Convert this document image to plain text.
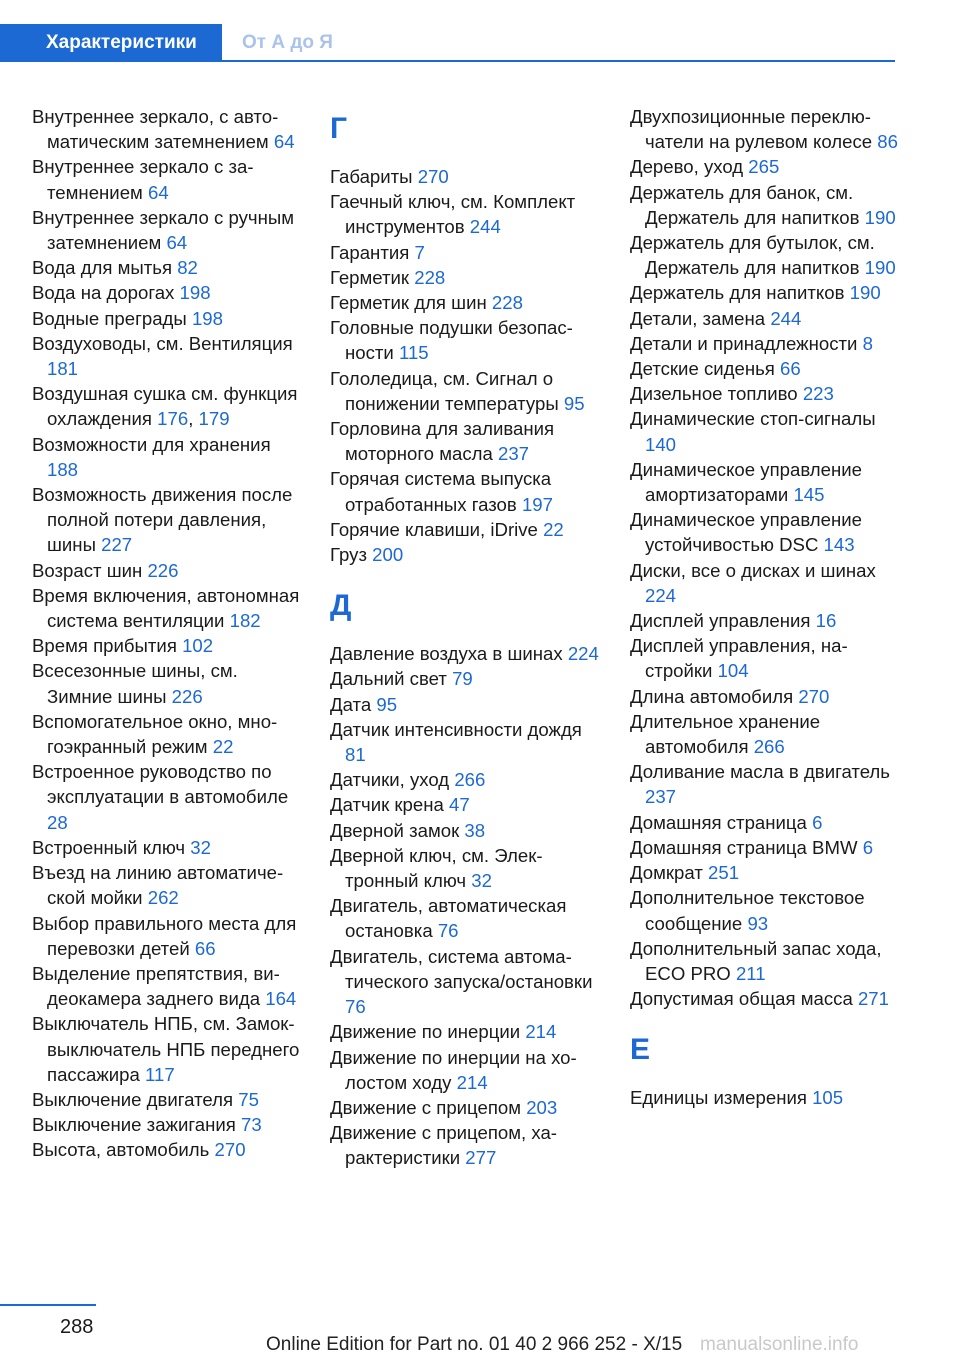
Характеристики	От А до Я
Внутреннее зеркало, с автоматическим затемнением 64
Внутреннее зеркало с затемнением 64
Внутреннее зеркало с ручным затемнением 64
Вода для мытья 82
Вода на дорогах 198
Водные преграды 198
Воздуховоды, см. Вентиляция 181
Воздушная сушка см. функция охлаждения 176, 179
Возможности для хранения 188
Возможность движения после полной потери давления, шины 227
Возраст шин 226
Время включения, автономная система вентиляции 182
Время прибытия 102
Всесезонные шины, см. Зимние шины 226
Вспомогательное окно, многоэкранный режим 22
Встроенное руководство по эксплуатации в автомобиле 28
Встроенный ключ 32
Въезд на линию автоматической мойки 262
Выбор правильного места для перевозки детей 66
Выделение препятствия, видеокамера заднего вида 164
Выключатель НПБ, см. Замок-выключатель НПБ переднего пассажира 117
Выключение двигателя 75
Выключение зажигания 73
Высота, автомобиль 270
Г
Габариты 270
Гаечный ключ, см. Комплект инструментов 244
Гарантия 7
Герметик 228
Герметик для шин 228
Головные подушки безопасности 115
Гололедица, см. Сигнал о понижении температуры 95
Горловина для заливания моторного масла 237
Горячая система выпуска отработанных газов 197
Горячие клавиши, iDrive 22
Груз 200
Д
Давление воздуха в шинах 224
Дальний свет 79
Дата 95
Датчик интенсивности дождя 81
Датчики, уход 266
Датчик крена 47
Дверной замок 38
Дверной ключ, см. Электронный ключ 32
Двигатель, автоматическая остановка 76
Двигатель, система автоматического запуска/остановки 76
Движение по инерции 214
Движение по инерции на холостом ходу 214
Движение с прицепом 203
Движение с прицепом, характеристики 277
Двухпозиционные переключатели на рулевом колесе 86
Дерево, уход 265
Держатель для банок, см. Держатель для напитков 190
Держатель для бутылок, см. Держатель для напитков 190
Держатель для напитков 190
Детали, замена 244
Детали и принадлежности 8
Детские сиденья 66
Дизельное топливо 223
Динамические стоп-сигналы 140
Динамическое управление амортизаторами 145
Динамическое управление устойчивостью DSC 143
Диски, все о дисках и шинах 224
Дисплей управления 16
Дисплей управления, настройки 104
Длина автомобиля 270
Длительное хранение автомобиля 266
Доливание масла в двигатель 237
Домашняя страница 6
Домашняя страница BMW 6
Домкрат 251
Дополнительное текстовое сообщение 93
Дополнительный запас хода, ECO PRO 211
Допустимая общая масса 271
Е
Единицы измерения 105
288
Online Edition for Part no. 01 40 2 966 252 - X/15 manualsonline.info
